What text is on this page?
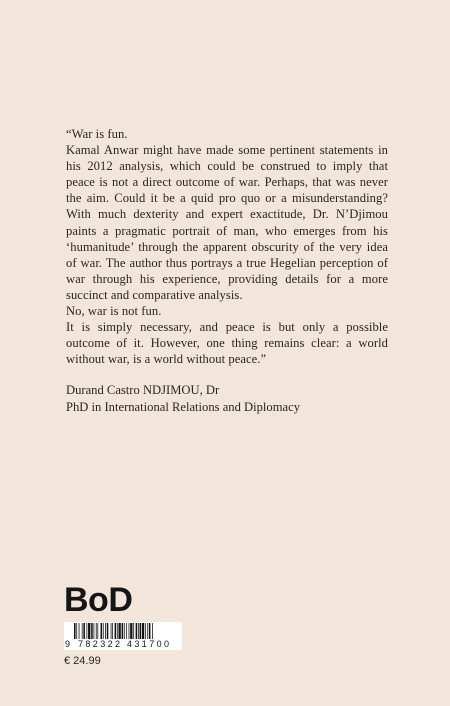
“War is fun.

Kamal Anwar might have made some pertinent statements in his 2012 analysis, which could be construed to imply that peace is not a direct outcome of war. Perhaps, that was never the aim. Could it be a quid pro quo or a misunderstanding? With much dexterity and expert exactitude, Dr. N’Djimou paints a pragmatic portrait of man, who emerges from his ‘humanitude’ through the apparent obscurity of the very idea of war. The author thus portrays a true Hegelian perception of war through his experience, providing details for a more succinct and comparative analysis.

No, war is not fun.

It is simply necessary, and peace is but only a possible outcome of it. However, one thing remains clear: a world without war, is a world without peace.”

Durand Castro NDJIMOU, Dr
PhD in International Relations and Diplomacy
BoD
9 782322 431700
€ 24.99
